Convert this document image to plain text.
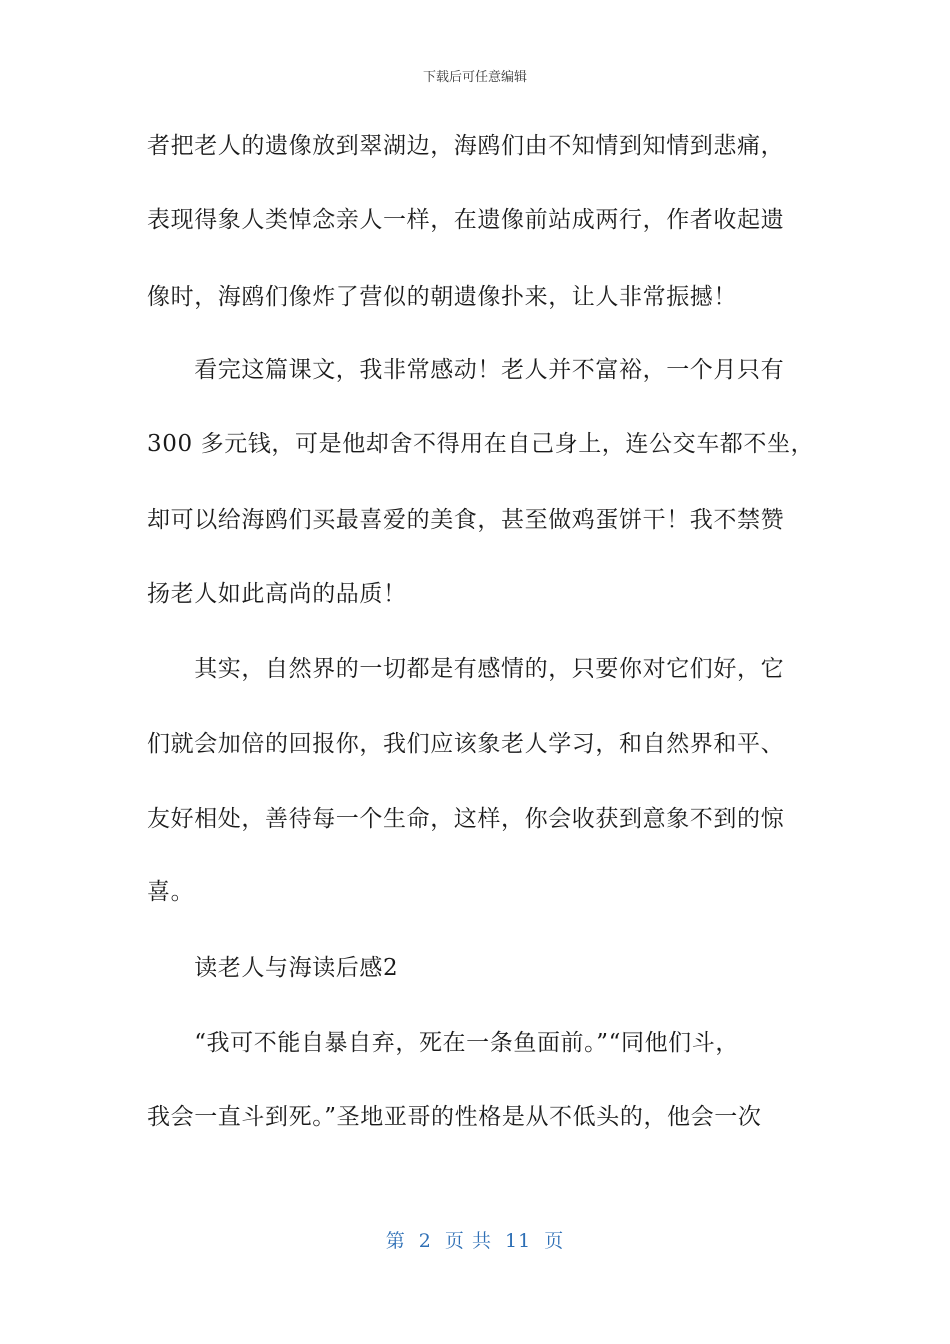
下载后可任意编辑
者把老人的遗像放到翠湖边，海鸥们由不知情到知情到悲痛，
表现得象人类悼念亲人一样，在遗像前站成两行，作者收起遗
像时，海鸥们像炸了营似的朝遗像扑来，让人非常振撼！
　　看完这篇课文，我非常感动！老人并不富裕，一个月只有
300 多元钱，可是他却舍不得用在自己身上，连公交车都不坐，
却可以给海鸥们买最喜爱的美食，甚至做鸡蛋饼干！我不禁赞
扬老人如此高尚的品质！
　　其实，自然界的一切都是有感情的，只要你对它们好，它
们就会加倍的回报你，我们应该象老人学习，和自然界和平、
友好相处，善待每一个生命，这样，你会收获到意象不到的惊
喜。
　　读老人与海读后感2
　　“我可不能自暴自弃，死在一条鱼面前。”“同他们斗，
我会一直斗到死。”圣地亚哥的性格是从不低头的，他会一次
第 2 页 共 11 页
